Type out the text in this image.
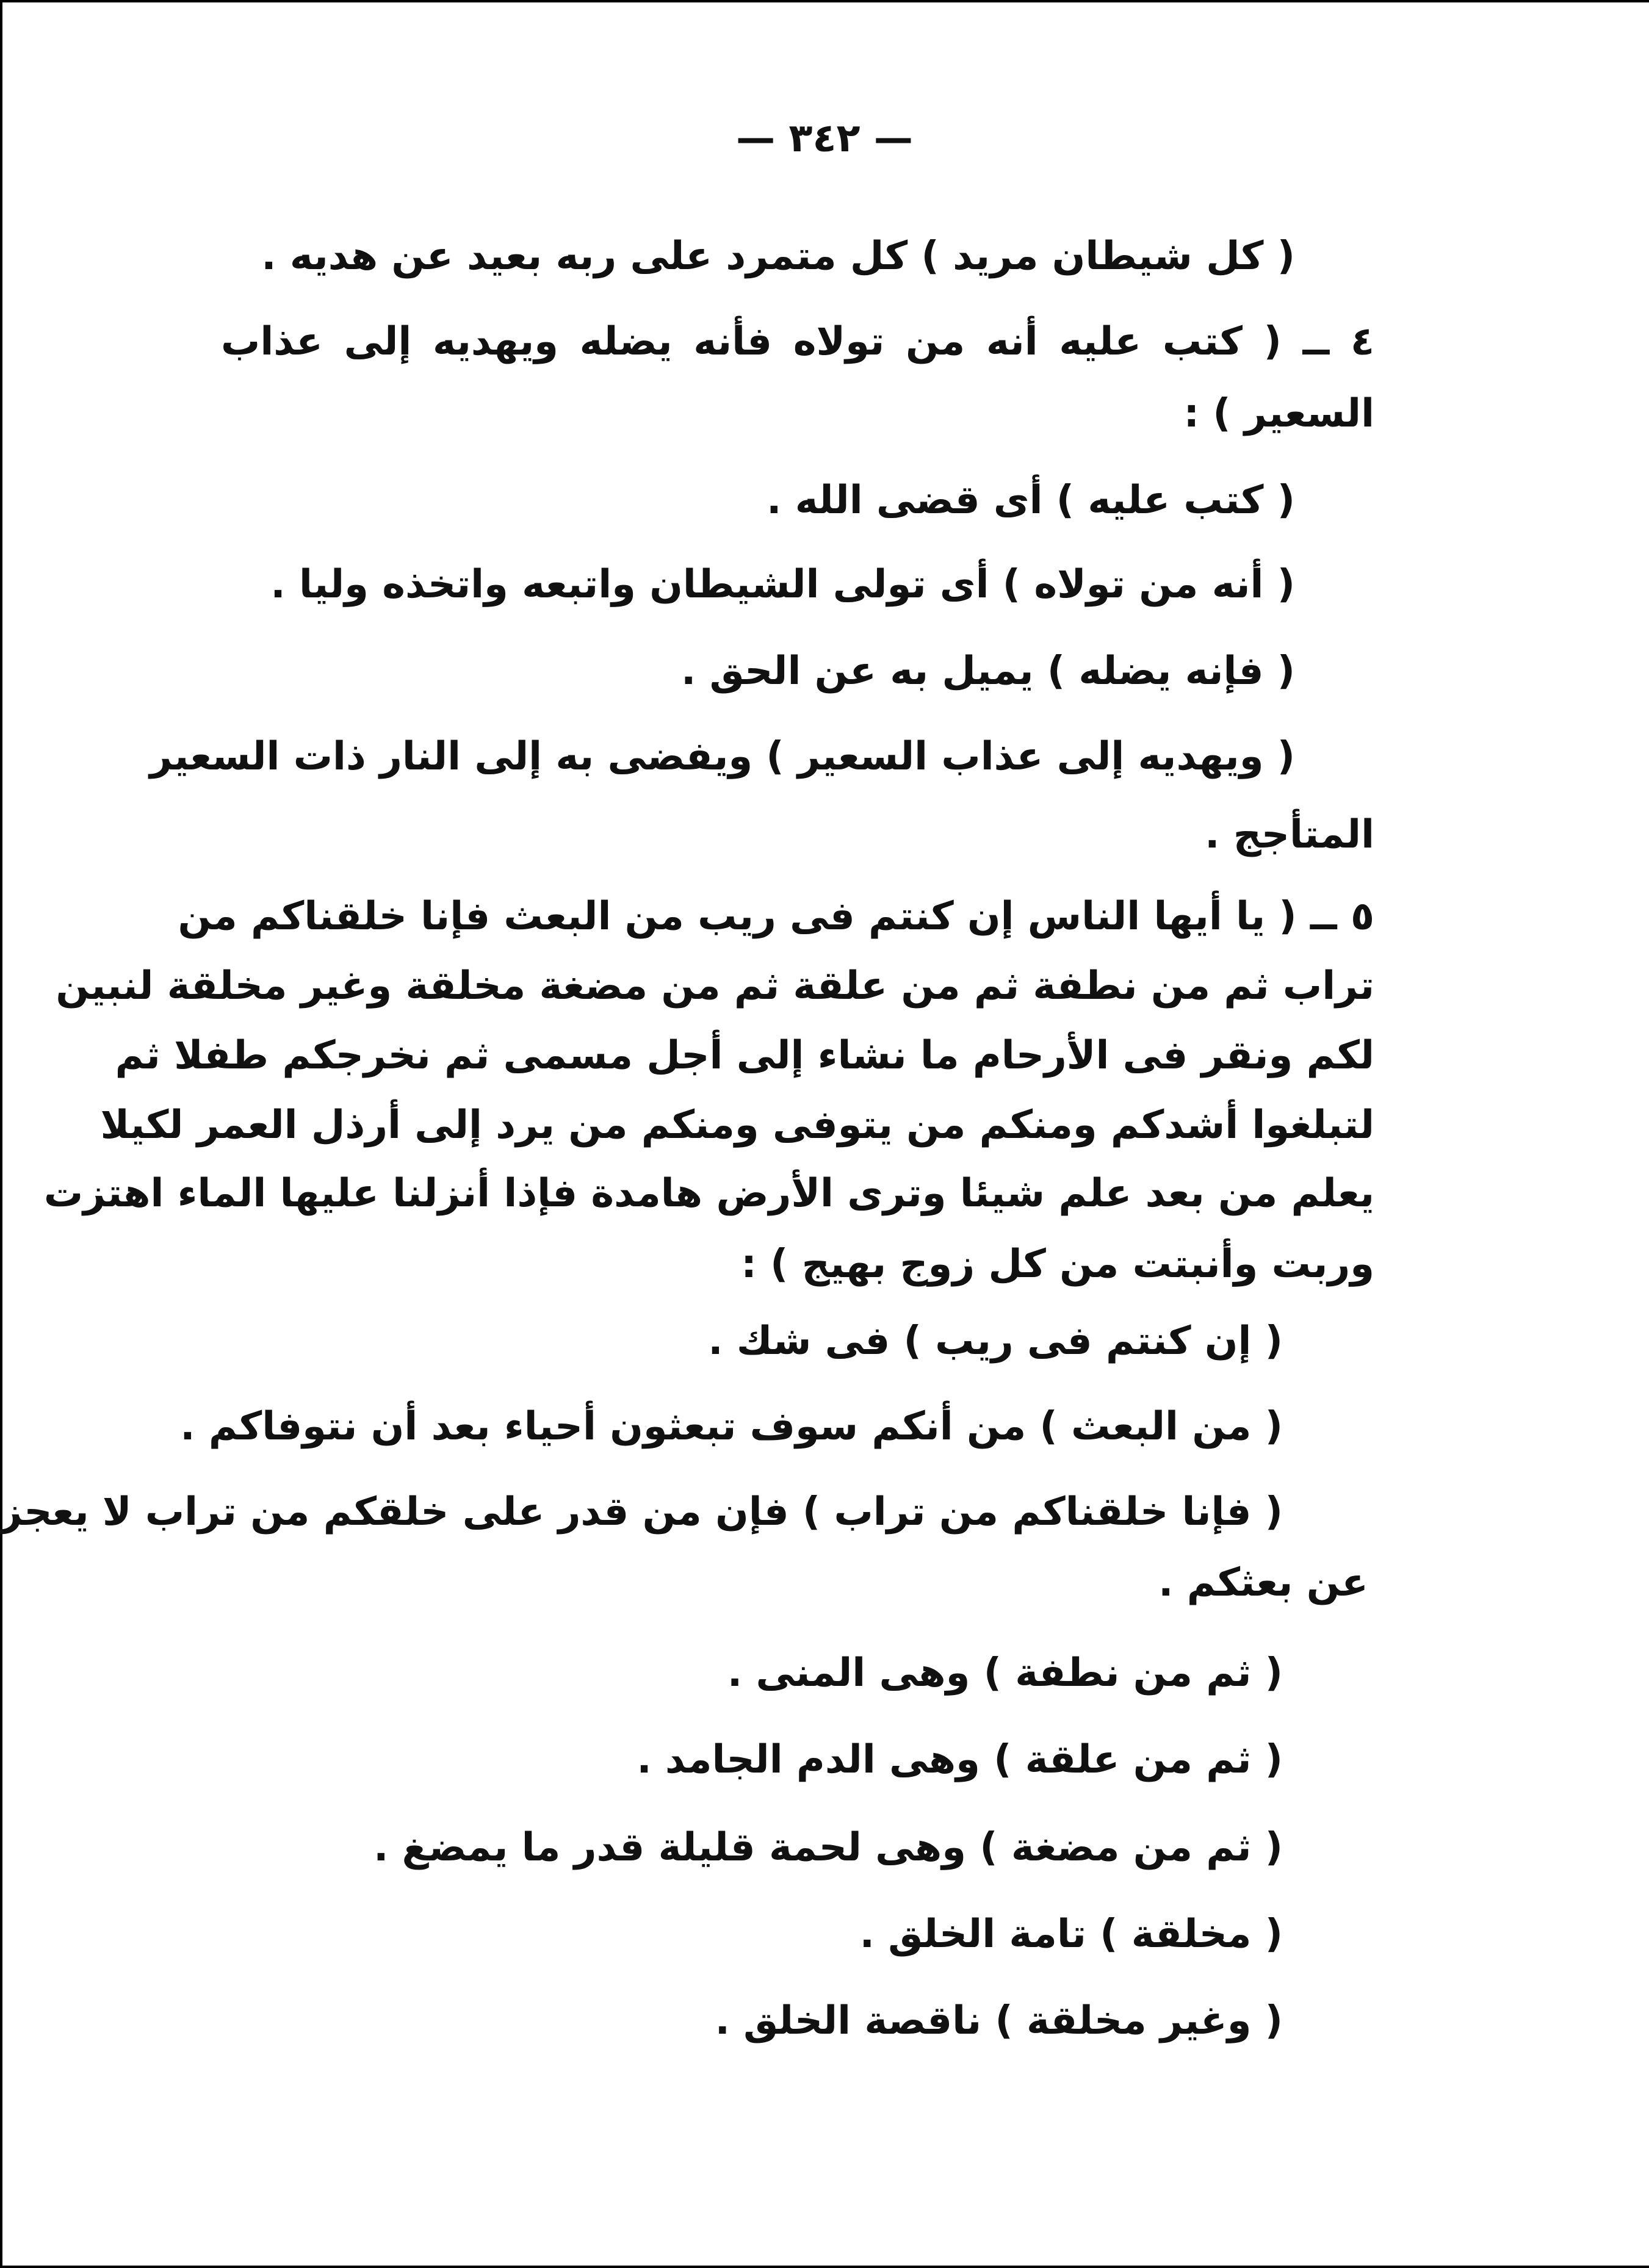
— ٣٤٢ —
( كل شيطان مريد ) كل متمرد على ربه بعيد عن هديه .
٤ ــ ( كتب عليه أنه من تولاه فأنه يضله ويهديه إلى عذاب
السعير ) :
( كتب عليه ) أى قضى الله .
( أنه من تولاه ) أى تولى الشيطان واتبعه واتخذه وليا .
( فإنه يضله ) يميل به عن الحق .
( ويهديه إلى عذاب السعير ) ويفضى به إلى النار ذات السعير
المتأجج .
٥ ــ ( يا أيها الناس إن كنتم فى ريب من البعث فإنا خلقناكم من
تراب ثم من نطفة ثم من علقة ثم من مضغة مخلقة وغير مخلقة لنبين
لكم ونقر فى الأرحام ما نشاء إلى أجل مسمى ثم نخرجكم طفلا ثم
لتبلغوا أشدكم ومنكم من يتوفى ومنكم من يرد إلى أرذل العمر لكيلا
يعلم من بعد علم شيئا وترى الأرض هامدة فإذا أنزلنا عليها الماء اهتزت
وربت وأنبتت من كل زوج بهيج ) :
( إن كنتم فى ريب ) فى شك .
( من البعث ) من أنكم سوف تبعثون أحياء بعد أن نتوفاكم .
( فإنا خلقناكم من تراب ) فإن من قدر على خلقكم من تراب لا يعجز
عن بعثكم .
( ثم من نطفة ) وهى المنى .
( ثم من علقة ) وهى الدم الجامد .
( ثم من مضغة ) وهى لحمة قليلة قدر ما يمضغ .
( مخلقة ) تامة الخلق .
( وغير مخلقة ) ناقصة الخلق .
